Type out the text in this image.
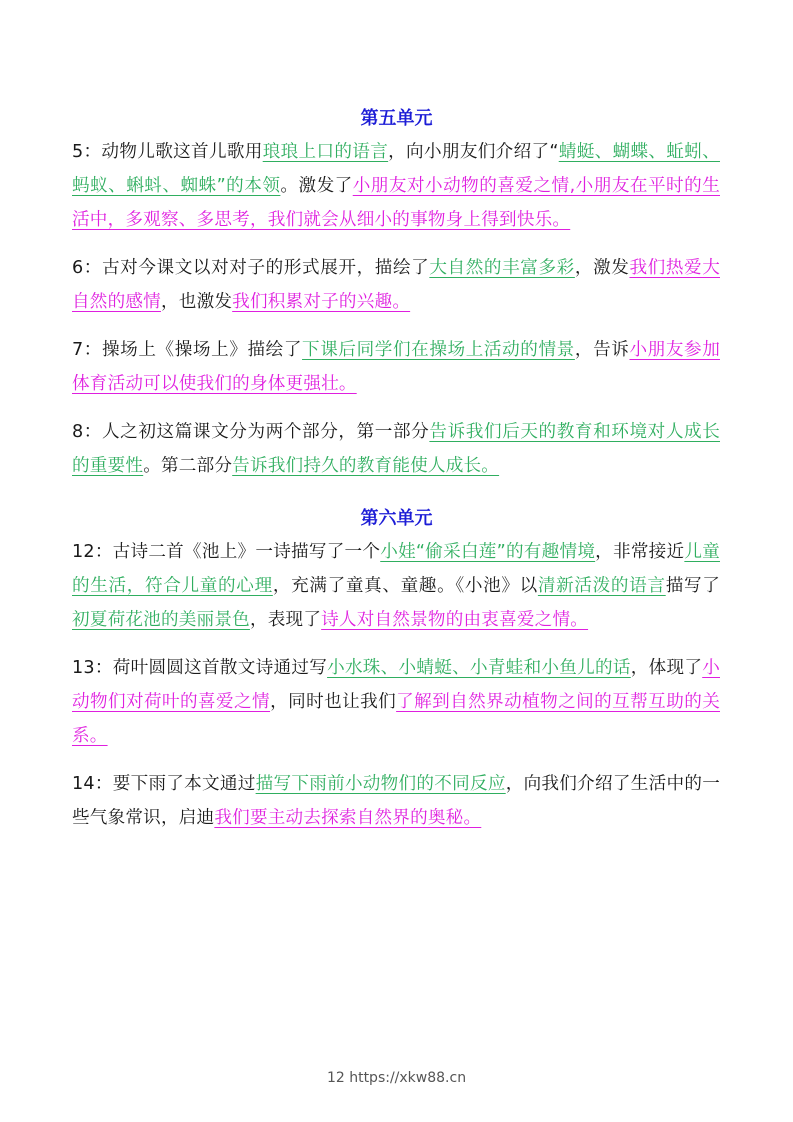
第五单元

5：动物儿歌这首儿歌用琅琅上口的语言，向小朋友们介绍了“蜻蜓、蝴蝶、蚯蚓、蚂蚁、蝌蚪、蜘蛛”的本领。激发了小朋友对小动物的喜爱之情,小朋友在平时的生活中，多观察、多思考，我们就会从细小的事物身上得到快乐。

6：古对今课文以对对子的形式展开，描绘了大自然的丰富多彩，激发我们热爱大自然的感情，也激发我们积累对子的兴趣。

7：操场上《操场上》描绘了下课后同学们在操场上活动的情景，告诉小朋友参加体育活动可以使我们的身体更强壮。

8：人之初这篇课文分为两个部分，第一部分告诉我们后天的教育和环境对人成长的重要性。第二部分告诉我们持久的教育能使人成长。

第六单元

12：古诗二首《池上》一诗描写了一个小娃“偷采白莲”的有趣情境，非常接近儿童的生活，符合儿童的心理，充满了童真、童趣。《小池》以清新活泼的语言描写了初夏荷花池的美丽景色，表现了诗人对自然景物的由衷喜爱之情。

13：荷叶圆圆这首散文诗通过写小水珠、小蜻蜓、小青蛙和小鱼儿的话，体现了小动物们对荷叶的喜爱之情，同时也让我们了解到自然界动植物之间的互帮互助的关系。

14：要下雨了本文通过描写下雨前小动物们的不同反应，向我们介绍了生活中的一些气象常识，启迪我们要主动去探索自然界的奥秘。

12 https://xkw88.cn
